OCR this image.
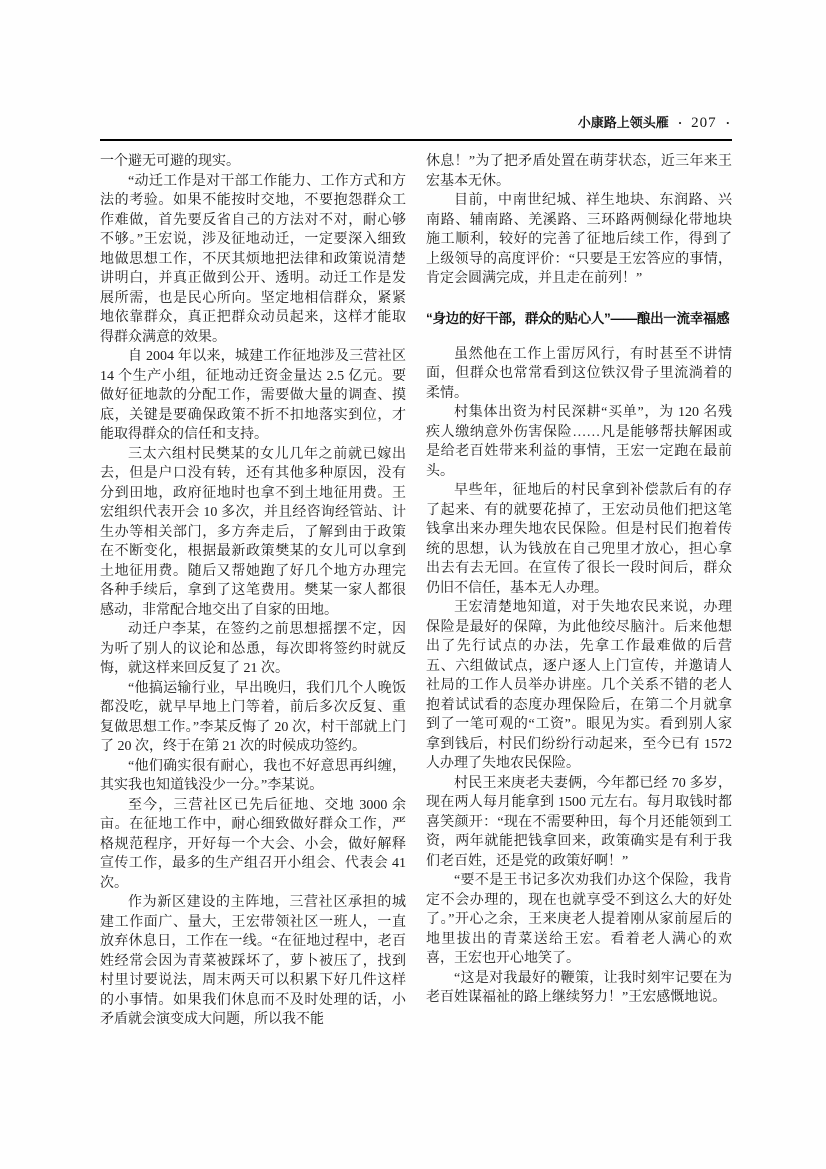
小康路上领头雁 · 207 ·

一个避无可避的现实。

“动迁工作是对干部工作能力、工作方式和方法的考验。如果不能按时交地，不要抱怨群众工作难做，首先要反省自己的方法对不对，耐心够不够。”王宏说，涉及征地动迁，一定要深入细致地做思想工作，不厌其烦地把法律和政策说清楚讲明白，并真正做到公开、透明。动迁工作是发展所需，也是民心所向。坚定地相信群众，紧紧地依靠群众，真正把群众动员起来，这样才能取得群众满意的效果。

自 2004 年以来，城建工作征地涉及三营社区 14 个生产小组，征地动迁资金量达 2.5 亿元。要做好征地款的分配工作，需要做大量的调查、摸底，关键是要确保政策不折不扣地落实到位，才能取得群众的信任和支持。

三太六组村民樊某的女儿几年之前就已嫁出去，但是户口没有转，还有其他多种原因，没有分到田地，政府征地时也拿不到土地征用费。王宏组织代表开会 10 多次，并且经咨询经管站、计生办等相关部门，多方奔走后，了解到由于政策在不断变化，根据最新政策樊某的女儿可以拿到土地征用费。随后又帮她跑了好几个地方办理完各种手续后，拿到了这笔费用。樊某一家人都很感动，非常配合地交出了自家的田地。

动迁户李某，在签约之前思想摇摆不定，因为听了别人的议论和怂恿，每次即将签约时就反悔，就这样来回反复了 21 次。

“他搞运输行业，早出晚归，我们几个人晚饭都没吃，就早早地上门等着，前后多次反复、重复做思想工作。”李某反悔了 20 次，村干部就上门了 20 次，终于在第 21 次的时候成功签约。

“他们确实很有耐心，我也不好意思再纠缠，其实我也知道钱没少一分。”李某说。

至今，三营社区已先后征地、交地 3000 余亩。在征地工作中，耐心细致做好群众工作，严格规范程序，开好每一个大会、小会，做好解释宣传工作，最多的生产组召开小组会、代表会 41 次。

作为新区建设的主阵地，三营社区承担的城建工作面广、量大，王宏带领社区一班人，一直放弃休息日，工作在一线。“在征地过程中，老百姓经常会因为青菜被踩坏了，萝卜被压了，找到村里讨要说法，周末两天可以积累下好几件这样的小事情。如果我们休息而不及时处理的话，小矛盾就会演变成大问题，所以我不能

休息！”为了把矛盾处置在萌芽状态，近三年来王宏基本无休。

目前，中南世纪城、祥生地块、东润路、兴南路、辅南路、羌溪路、三环路两侧绿化带地块施工顺利，较好的完善了征地后续工作，得到了上级领导的高度评价：“只要是王宏答应的事情，肯定会圆满完成，并且走在前列！”

“身边的好干部，群众的贴心人”——酿出一流幸福感

虽然他在工作上雷厉风行，有时甚至不讲情面，但群众也常常看到这位铁汉骨子里流淌着的柔情。

村集体出资为村民深耕“买单”，为 120 名残疾人缴纳意外伤害保险……凡是能够帮扶解困或是给老百姓带来利益的事情，王宏一定跑在最前头。

早些年，征地后的村民拿到补偿款后有的存了起来、有的就要花掉了，王宏动员他们把这笔钱拿出来办理失地农民保险。但是村民们抱着传统的思想，认为钱放在自己兜里才放心，担心拿出去有去无回。在宣传了很长一段时间后，群众仍旧不信任，基本无人办理。

王宏清楚地知道，对于失地农民来说，办理保险是最好的保障，为此他绞尽脑汁。后来他想出了先行试点的办法，先拿工作最难做的后营五、六组做试点，逐户逐人上门宣传，并邀请人社局的工作人员举办讲座。几个关系不错的老人抱着试试看的态度办理保险后，在第二个月就拿到了一笔可观的“工资”。眼见为实。看到别人家拿到钱后，村民们纷纷行动起来，至今已有 1572 人办理了失地农民保险。

村民王来庚老夫妻俩，今年都已经 70 多岁，现在两人每月能拿到 1500 元左右。每月取钱时都喜笑颜开：“现在不需要种田，每个月还能领到工资，两年就能把钱拿回来，政策确实是有利于我们老百姓，还是党的政策好啊！”

“要不是王书记多次劝我们办这个保险，我肯定不会办理的，现在也就享受不到这么大的好处了。”开心之余，王来庚老人提着刚从家前屋后的地里拔出的青菜送给王宏。看着老人满心的欢喜，王宏也开心地笑了。

“这是对我最好的鞭策，让我时刻牢记要在为老百姓谋福祉的路上继续努力！”王宏感慨地说。
